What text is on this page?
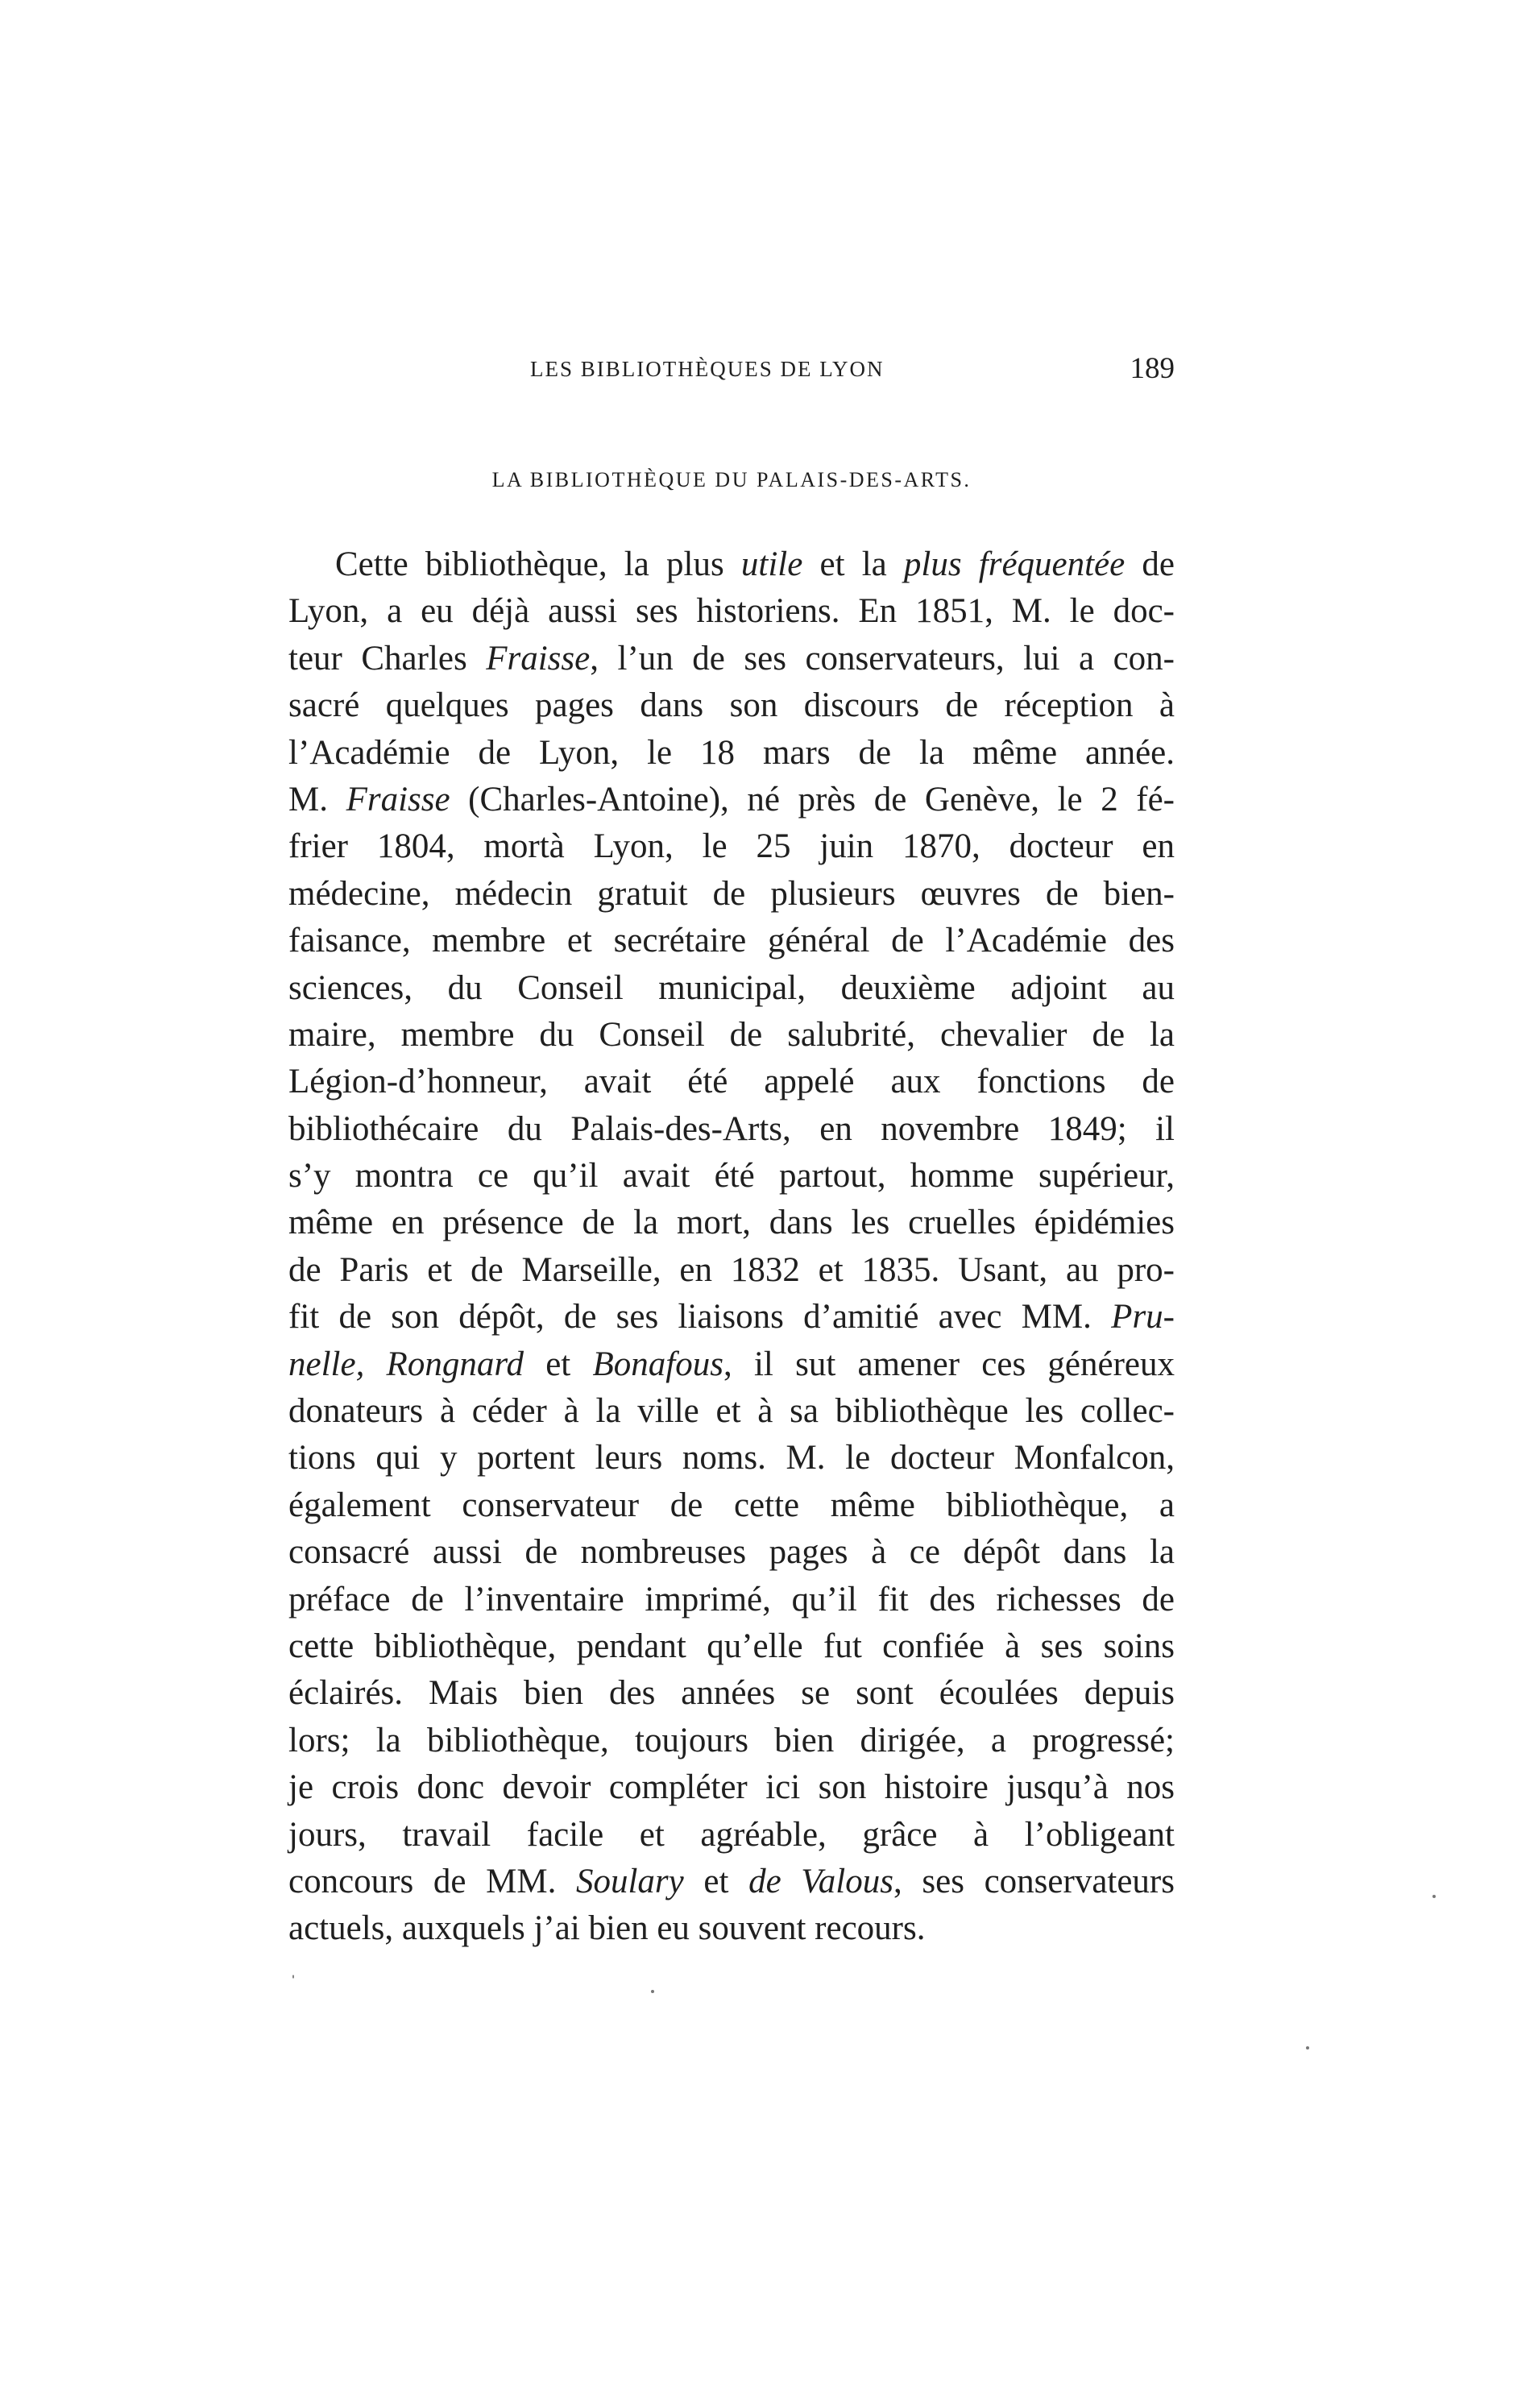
LES BIBLIOTHÈQUES DE LYON	189
LA BIBLIOTHÈQUE DU PALAIS-DES-ARTS.
Cette bibliothèque, la plus utile et la plus fréquentée de
Lyon, a eu déjà aussi ses historiens. En 1851, M. le doc-
teur Charles Fraisse, l’un de ses conservateurs, lui a con-
sacré quelques pages dans son discours de réception à
l’Académie de Lyon, le 18 mars de la même année.
M. Fraisse (Charles-Antoine), né près de Genève, le 2 fé-
frier 1804, mortà Lyon, le 25 juin 1870, docteur en
médecine, médecin gratuit de plusieurs œuvres de bien-
faisance, membre et secrétaire général de l’Académie des
sciences, du Conseil municipal, deuxième adjoint au
maire, membre du Conseil de salubrité, chevalier de la
Légion-d’honneur, avait été appelé aux fonctions de
bibliothécaire du Palais-des-Arts, en novembre 1849; il
s’y montra ce qu’il avait été partout, homme supérieur,
même en présence de la mort, dans les cruelles épidémies
de Paris et de Marseille, en 1832 et 1835. Usant, au pro-
fit de son dépôt, de ses liaisons d’amitié avec MM. Pru-
nelle, Rongnard et Bonafous, il sut amener ces généreux
donateurs à céder à la ville et à sa bibliothèque les collec-
tions qui y portent leurs noms. M. le docteur Monfalcon,
également conservateur de cette même bibliothèque, a
consacré aussi de nombreuses pages à ce dépôt dans la
préface de l’inventaire imprimé, qu’il fit des richesses de
cette bibliothèque, pendant qu’elle fut confiée à ses soins
éclairés. Mais bien des années se sont écoulées depuis
lors; la bibliothèque, toujours bien dirigée, a progressé;
je crois donc devoir compléter ici son histoire jusqu’à nos
jours, travail facile et agréable, grâce à l’obligeant
concours de MM. Soulary et de Valous, ses conservateurs
actuels, auxquels j’ai bien eu souvent recours.
ˌ
